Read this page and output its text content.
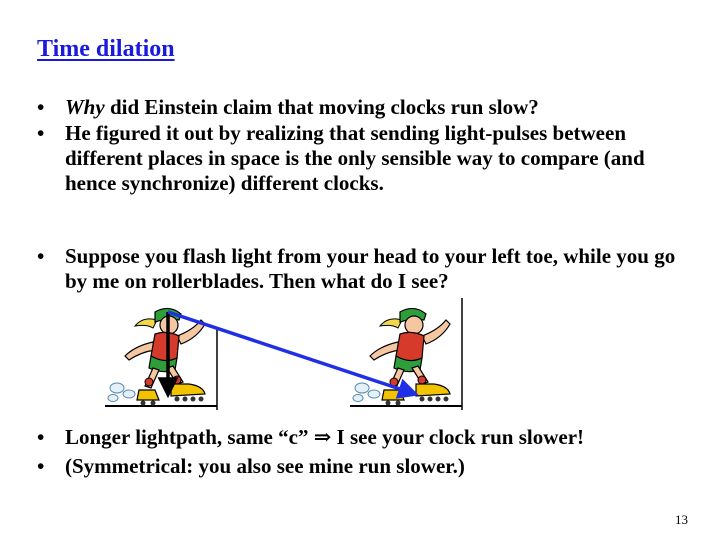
Time dilation
• Why did Einstein claim that moving clocks run slow?
• He figured it out by realizing that sending light-pulses between different places in space is the only sensible way to compare (and hence synchronize) different clocks.
• Suppose you flash light from your head to your left toe, while you go by me on rollerblades. Then what do I see?
• Longer lightpath, same “c” ⇒ I see your clock run slower!
• (Symmetrical: you also see mine run slower.)
13
